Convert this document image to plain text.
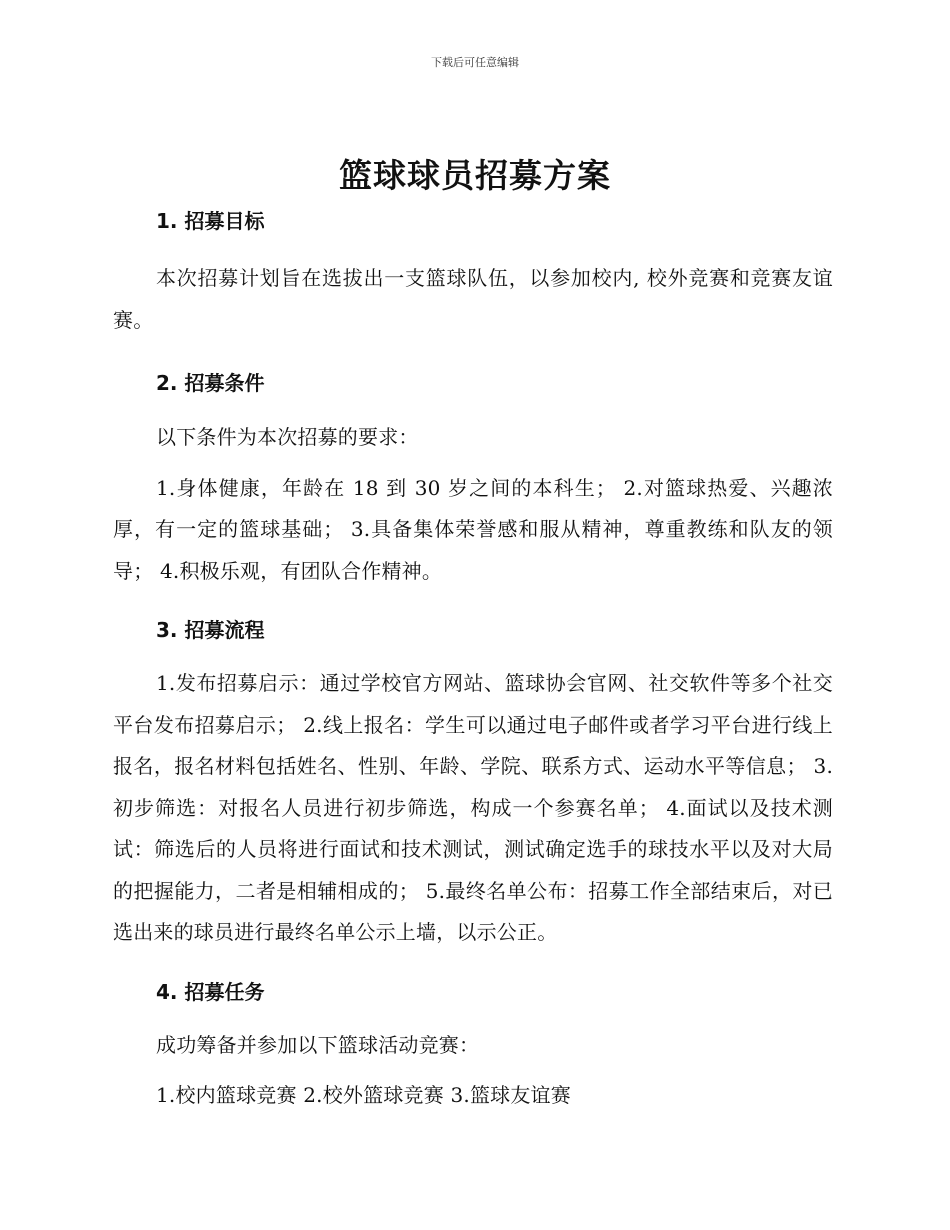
下载后可任意编辑
篮球球员招募方案
1. 招募目标

本次招募计划旨在选拔出一支篮球队伍，以参加校内, 校外竞赛和竞赛友谊赛。

2. 招募条件

以下条件为本次招募的要求：

1.身体健康，年龄在 18 到 30 岁之间的本科生； 2.对篮球热爱、兴趣浓厚，有一定的篮球基础； 3.具备集体荣誉感和服从精神，尊重教练和队友的领导； 4.积极乐观，有团队合作精神。

3. 招募流程

1.发布招募启示：通过学校官方网站、篮球协会官网、社交软件等多个社交平台发布招募启示； 2.线上报名：学生可以通过电子邮件或者学习平台进行线上报名，报名材料包括姓名、性别、年龄、学院、联系方式、运动水平等信息； 3.初步筛选：对报名人员进行初步筛选，构成一个参赛名单； 4.面试以及技术测试：筛选后的人员将进行面试和技术测试，测试确定选手的球技水平以及对大局的把握能力，二者是相辅相成的； 5.最终名单公布：招募工作全部结束后，对已选出来的球员进行最终名单公示上墙，以示公正。

4. 招募任务

成功筹备并参加以下篮球活动竞赛：

1.校内篮球竞赛 2.校外篮球竞赛 3.篮球友谊赛
